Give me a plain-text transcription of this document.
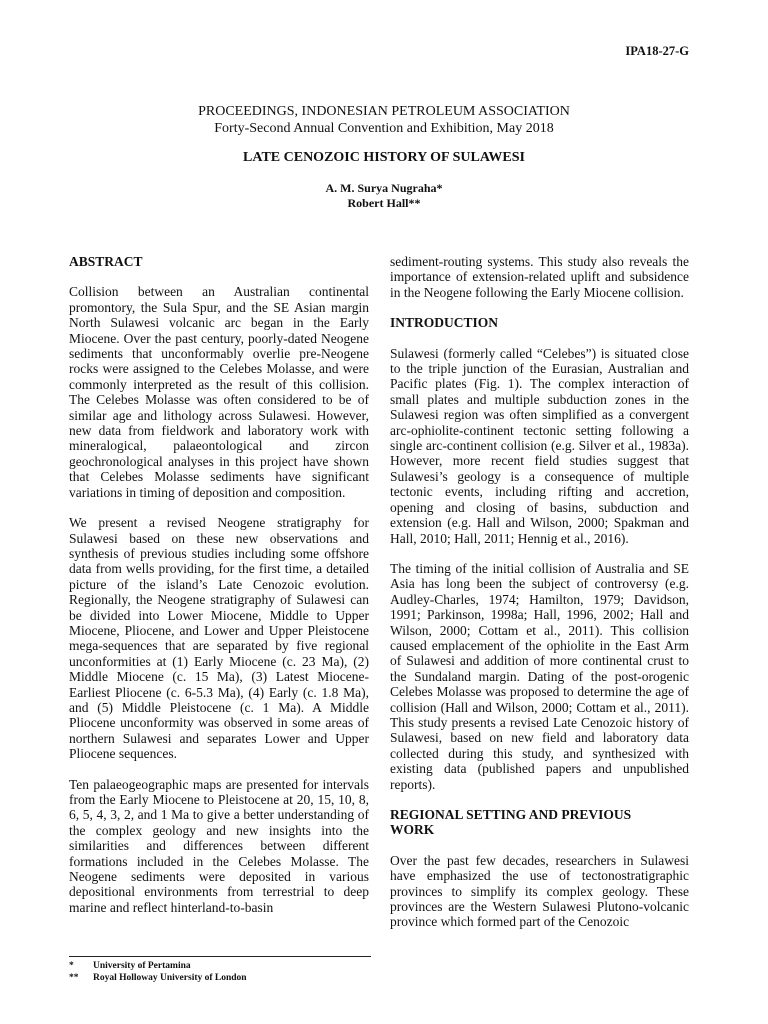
IPA18-27-G
PROCEEDINGS, INDONESIAN PETROLEUM ASSOCIATION
Forty-Second Annual Convention and Exhibition, May 2018
LATE CENOZOIC HISTORY OF SULAWESI
A. M. Surya Nugraha*
Robert Hall**
ABSTRACT

Collision between an Australian continental promontory, the Sula Spur, and the SE Asian margin North Sulawesi volcanic arc began in the Early Miocene. Over the past century, poorly-dated Neogene sediments that unconformably overlie pre-Neogene rocks were assigned to the Celebes Molasse, and were commonly interpreted as the result of this collision. The Celebes Molasse was often considered to be of similar age and lithology across Sulawesi. However, new data from fieldwork and laboratory work with mineralogical, palaeontological and zircon geochronological analyses in this project have shown that Celebes Molasse sediments have significant variations in timing of deposition and composition.

We present a revised Neogene stratigraphy for Sulawesi based on these new observations and synthesis of previous studies including some offshore data from wells providing, for the first time, a detailed picture of the island’s Late Cenozoic evolution. Regionally, the Neogene stratigraphy of Sulawesi can be divided into Lower Miocene, Middle to Upper Miocene, Pliocene, and Lower and Upper Pleistocene mega-sequences that are separated by five regional unconformities at (1) Early Miocene (c. 23 Ma), (2) Middle Miocene (c. 15 Ma), (3) Latest Miocene-Earliest Pliocene (c. 6-5.3 Ma), (4) Early (c. 1.8 Ma), and (5) Middle Pleistocene (c. 1 Ma). A Middle Pliocene unconformity was observed in some areas of northern Sulawesi and separates Lower and Upper Pliocene sequences.

Ten palaeogeographic maps are presented for intervals from the Early Miocene to Pleistocene at 20, 15, 10, 8, 6, 5, 4, 3, 2, and 1 Ma to give a better understanding of the complex geology and new insights into the similarities and differences between different formations included in the Celebes Molasse. The Neogene sediments were deposited in various depositional environments from terrestrial to deep marine and reflect hinterland-to-basin

sediment-routing systems. This study also reveals the importance of extension-related uplift and subsidence in the Neogene following the Early Miocene collision.

INTRODUCTION

Sulawesi (formerly called “Celebes”) is situated close to the triple junction of the Eurasian, Australian and Pacific plates (Fig. 1). The complex interaction of small plates and multiple subduction zones in the Sulawesi region was often simplified as a convergent arc-ophiolite-continent tectonic setting following a single arc-continent collision (e.g. Silver et al., 1983a). However, more recent field studies suggest that Sulawesi’s geology is a consequence of multiple tectonic events, including rifting and accretion, opening and closing of basins, subduction and extension (e.g. Hall and Wilson, 2000; Spakman and Hall, 2010; Hall, 2011; Hennig et al., 2016).

The timing of the initial collision of Australia and SE Asia has long been the subject of controversy (e.g. Audley-Charles, 1974; Hamilton, 1979; Davidson, 1991; Parkinson, 1998a; Hall, 1996, 2002; Hall and Wilson, 2000; Cottam et al., 2011). This collision caused emplacement of the ophiolite in the East Arm of Sulawesi and addition of more continental crust to the Sundaland margin. Dating of the post-orogenic Celebes Molasse was proposed to determine the age of collision (Hall and Wilson, 2000; Cottam et al., 2011). This study presents a revised Late Cenozoic history of Sulawesi, based on new field and laboratory data collected during this study, and synthesized with existing data (published papers and unpublished reports).

REGIONAL SETTING AND PREVIOUS
WORK

Over the past few decades, researchers in Sulawesi have emphasized the use of tectonostratigraphic provinces to simplify its complex geology. These provinces are the Western Sulawesi Plutono-volcanic province which formed part of the Cenozoic

* University of Pertamina
** Royal Holloway University of London
